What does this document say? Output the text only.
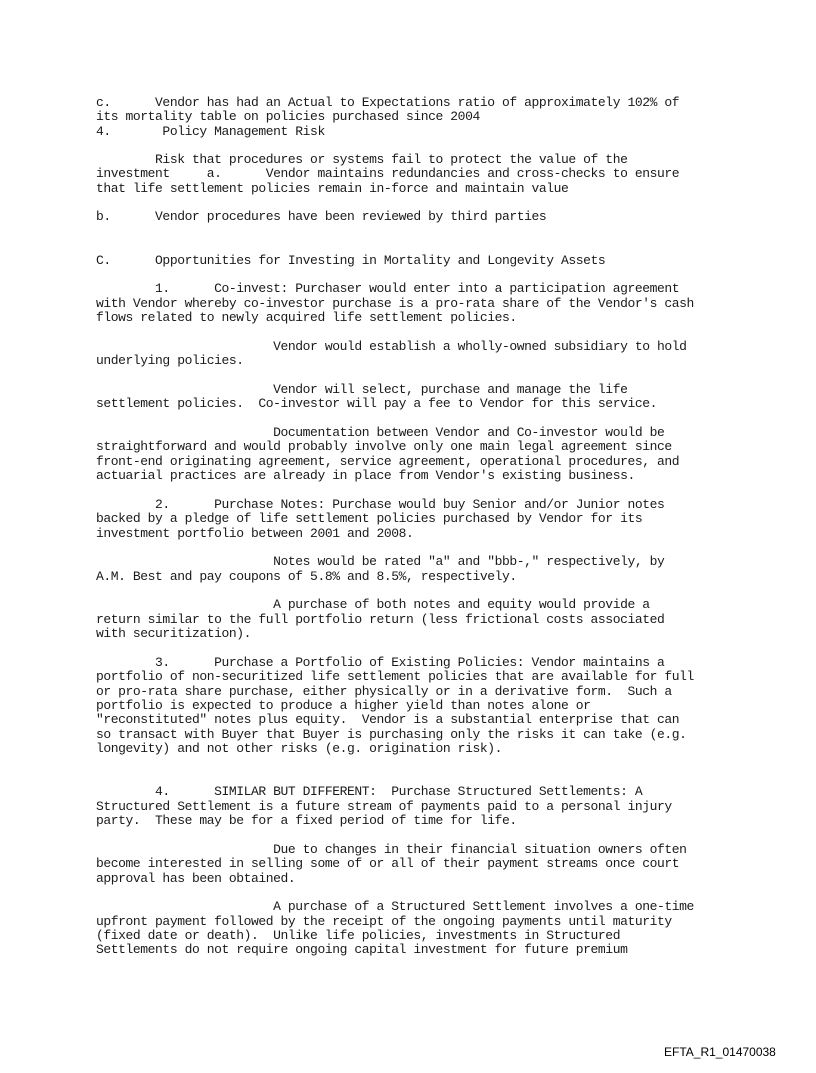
c.      Vendor has had an Actual to Expectations ratio of approximately 102% of
its mortality table on policies purchased since 2004
4.       Policy Management Risk
Risk that procedures or systems fail to protect the value of the
investment     a.      Vendor maintains redundancies and cross-checks to ensure
that life settlement policies remain in-force and maintain value
b.      Vendor procedures have been reviewed by third parties
C.      Opportunities for Investing in Mortality and Longevity Assets
1.      Co-invest: Purchaser would enter into a participation agreement
with Vendor whereby co-investor purchase is a pro-rata share of the Vendor's cash
flows related to newly acquired life settlement policies.
Vendor would establish a wholly-owned subsidiary to hold
underlying policies.
Vendor will select, purchase and manage the life
settlement policies.  Co-investor will pay a fee to Vendor for this service.
Documentation between Vendor and Co-investor would be
straightforward and would probably involve only one main legal agreement since
front-end originating agreement, service agreement, operational procedures, and
actuarial practices are already in place from Vendor's existing business.
2.      Purchase Notes: Purchase would buy Senior and/or Junior notes
backed by a pledge of life settlement policies purchased by Vendor for its
investment portfolio between 2001 and 2008.
Notes would be rated "a" and "bbb-," respectively, by
A.M. Best and pay coupons of 5.8% and 8.5%, respectively.
A purchase of both notes and equity would provide a
return similar to the full portfolio return (less frictional costs associated
with securitization).
3.      Purchase a Portfolio of Existing Policies: Vendor maintains a
portfolio of non-securitized life settlement policies that are available for full
or pro-rata share purchase, either physically or in a derivative form.  Such a
portfolio is expected to produce a higher yield than notes alone or
"reconstituted" notes plus equity.  Vendor is a substantial enterprise that can
so transact with Buyer that Buyer is purchasing only the risks it can take (e.g.
longevity) and not other risks (e.g. origination risk).
4.      SIMILAR BUT DIFFERENT:  Purchase Structured Settlements: A
Structured Settlement is a future stream of payments paid to a personal injury
party.  These may be for a fixed period of time for life.
Due to changes in their financial situation owners often
become interested in selling some of or all of their payment streams once court
approval has been obtained.
A purchase of a Structured Settlement involves a one-time
upfront payment followed by the receipt of the ongoing payments until maturity
(fixed date or death).  Unlike life policies, investments in Structured
Settlements do not require ongoing capital investment for future premium
EFTA_R1_01470038
